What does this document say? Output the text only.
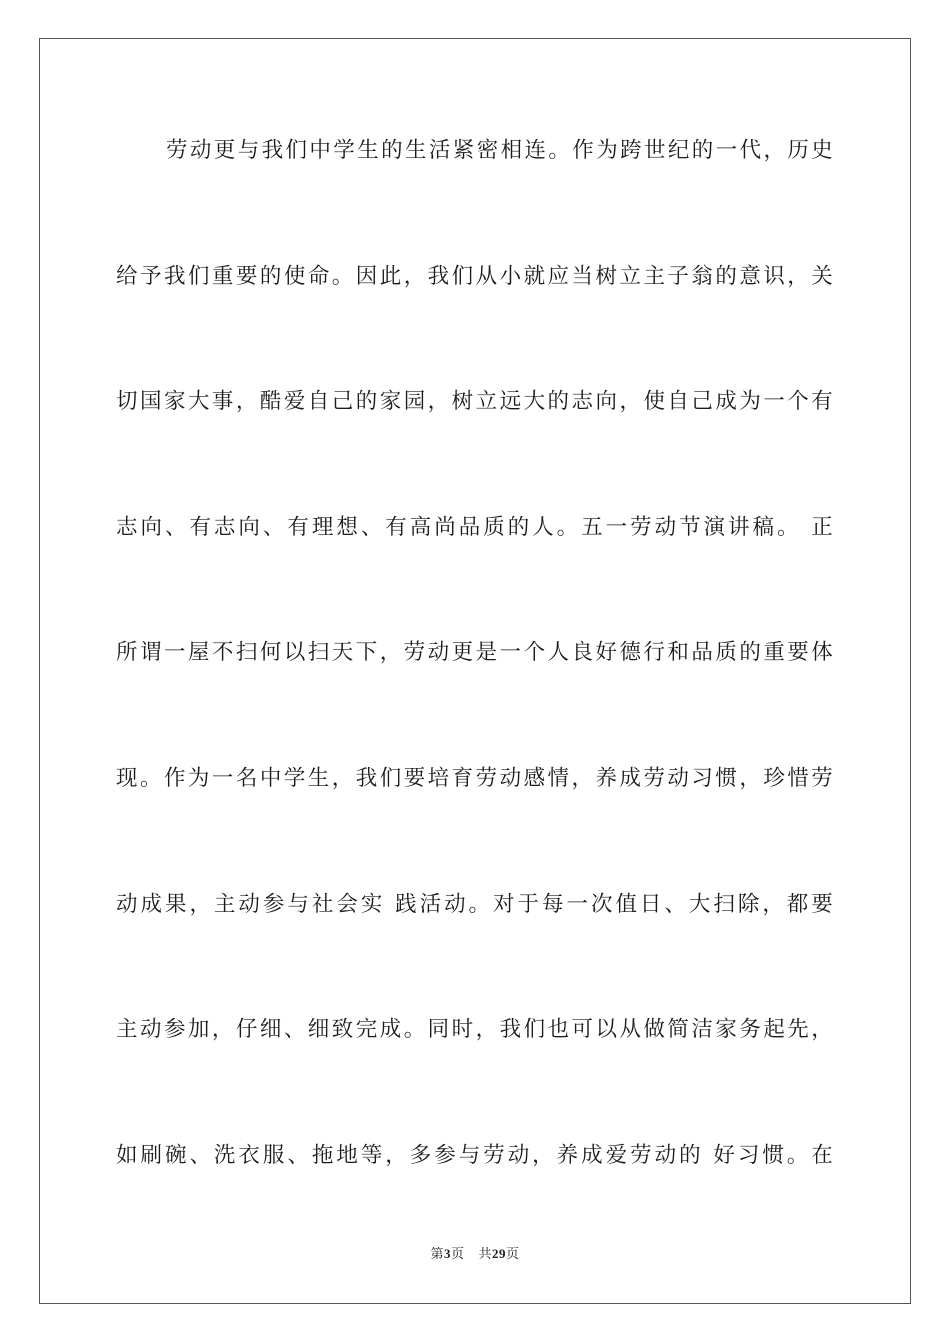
劳动更与我们中学生的生活紧密相连。作为跨世纪的一代，历史
给予我们重要的使命。因此，我们从小就应当树立主子翁的意识，关
切国家大事，酷爱自己的家园，树立远大的志向，使自己成为一个有
志向、有志向、有理想、有高尚品质的人。五一劳动节演讲稿。 正
所谓一屋不扫何以扫天下，劳动更是一个人良好德行和品质的重要体
现。作为一名中学生，我们要培育劳动感情，养成劳动习惯，珍惜劳
动成果，主动参与社会实 践活动。对于每一次值日、大扫除，都要
主动参加，仔细、细致完成。同时，我们也可以从做简洁家务起先，
如刷碗、洗衣服、拖地等，多参与劳动，养成爱劳动的 好习惯。在
第3页 共29页
